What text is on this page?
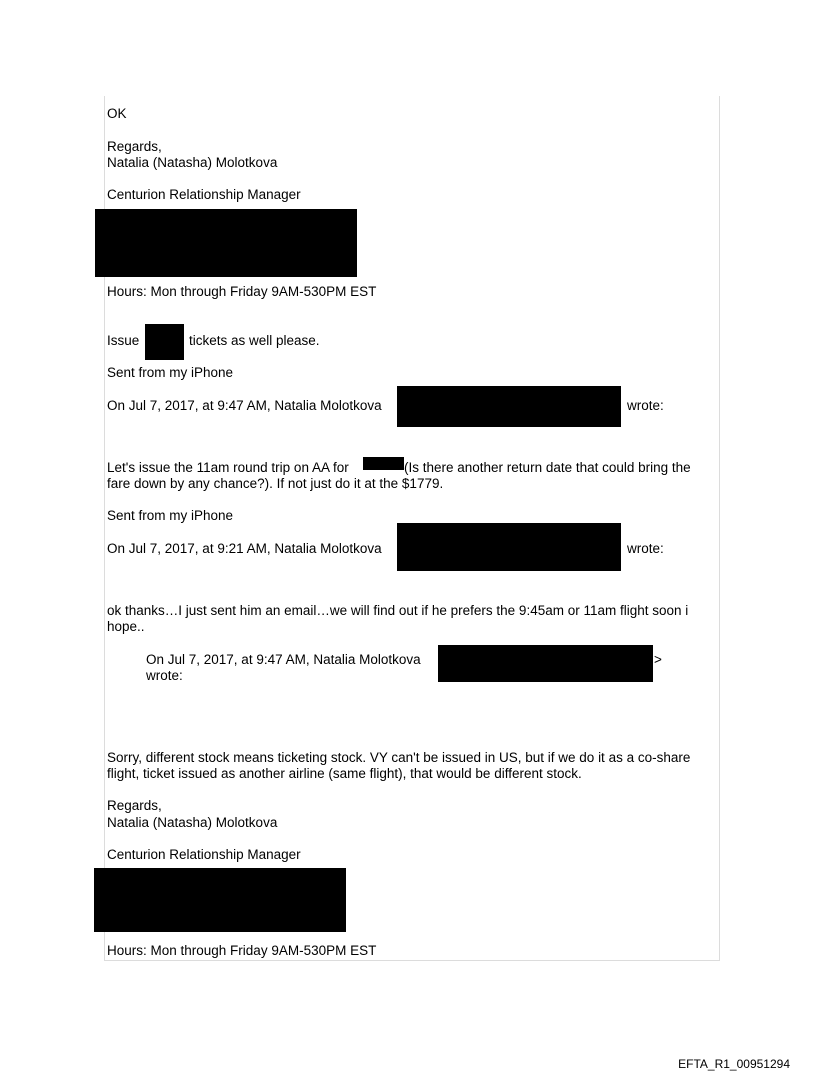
OK
Regards,
Natalia (Natasha) Molotkova
Centurion Relationship Manager
Hours: Mon through Friday 9AM-530PM EST
Issue	tickets as well please.
Sent from my iPhone
On Jul 7, 2017, at 9:47 AM, Natalia Molotkova	wrote:
Let's issue the 11am round trip on AA for	(Is there another return date that could bring the fare down by any chance?). If not just do it at the $1779.
Sent from my iPhone
On Jul 7, 2017, at 9:21 AM, Natalia Molotkova	wrote:
ok thanks…I just sent him an email…we will find out if he prefers the 9:45am or 11am flight soon i hope..
On Jul 7, 2017, at 9:47 AM, Natalia Molotkova	>
wrote:
Sorry, different stock means ticketing stock. VY can't be issued in US, but if we do it as a co-share flight, ticket issued as another airline (same flight), that would be different stock.
Regards,
Natalia (Natasha) Molotkova
Centurion Relationship Manager
Hours: Mon through Friday 9AM-530PM EST
EFTA_R1_00951294
